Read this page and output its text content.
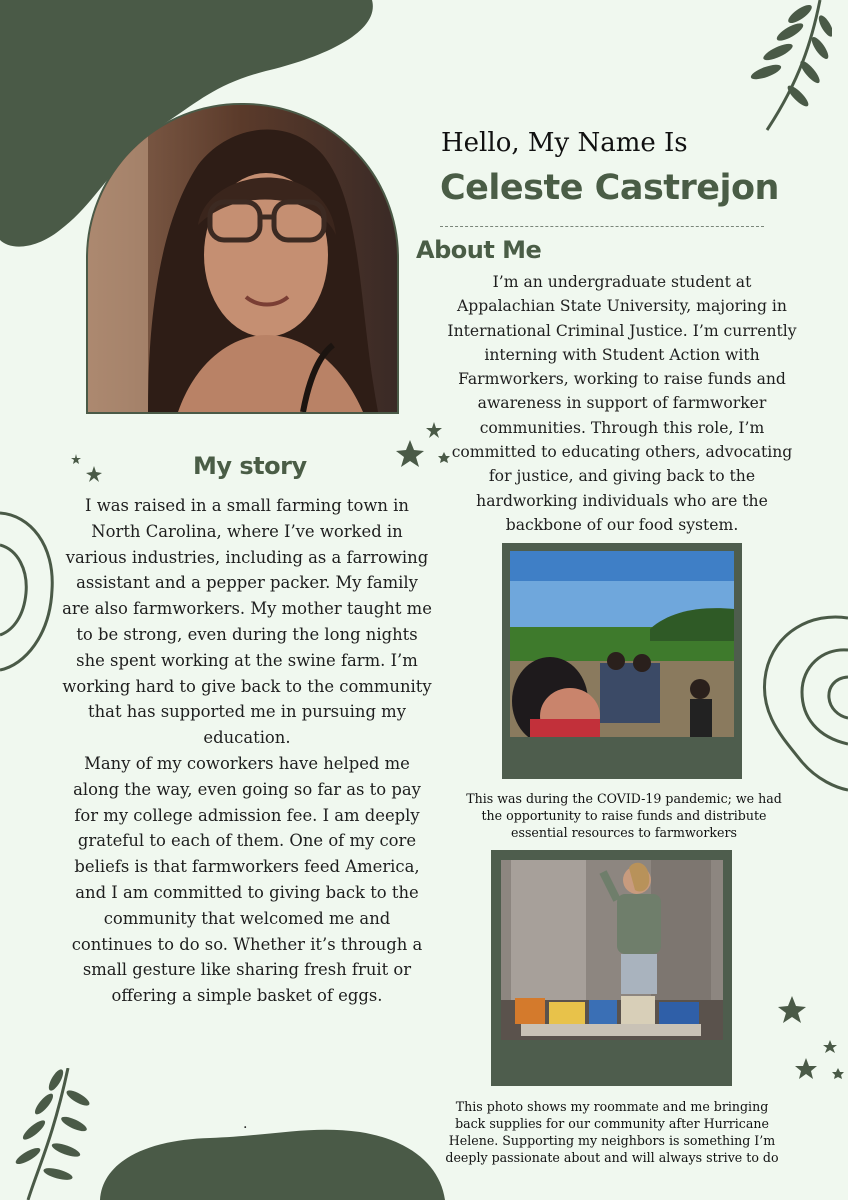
Hello, My Name Is
Celeste Castrejon
About Me
I’m an undergraduate student at Appalachian State University, majoring in International Criminal Justice. I’m currently interning with Student Action with Farmworkers, working to raise funds and awareness in support of farmworker communities. Through this role, I’m committed to educating others, advocating for justice, and giving back to the hardworking individuals who are the backbone of our food system.
My story

I was raised in a small farming town in North Carolina, where I’ve worked in various industries, including as a farrowing assistant and a pepper packer. My family are also farmworkers. My mother taught me to be strong, even during the long nights she spent working at the swine farm. I’m working hard to give back to the community that has supported me in pursuing my education.

Many of my coworkers have helped me along the way, even going so far as to pay for my college admission fee. I am deeply grateful to each of them. One of my core beliefs is that farmworkers feed America, and I am committed to giving back to the community that welcomed me and continues to do so. Whether it’s through a small gesture like sharing fresh fruit or offering a simple basket of eggs.

.
This was during the COVID-19 pandemic; we had the opportunity to raise funds and distribute essential resources to farmworkers
This photo shows my roommate and me bringing back supplies for our community after Hurricane Helene. Supporting my neighbors is something I’m deeply passionate about and will always strive to do
